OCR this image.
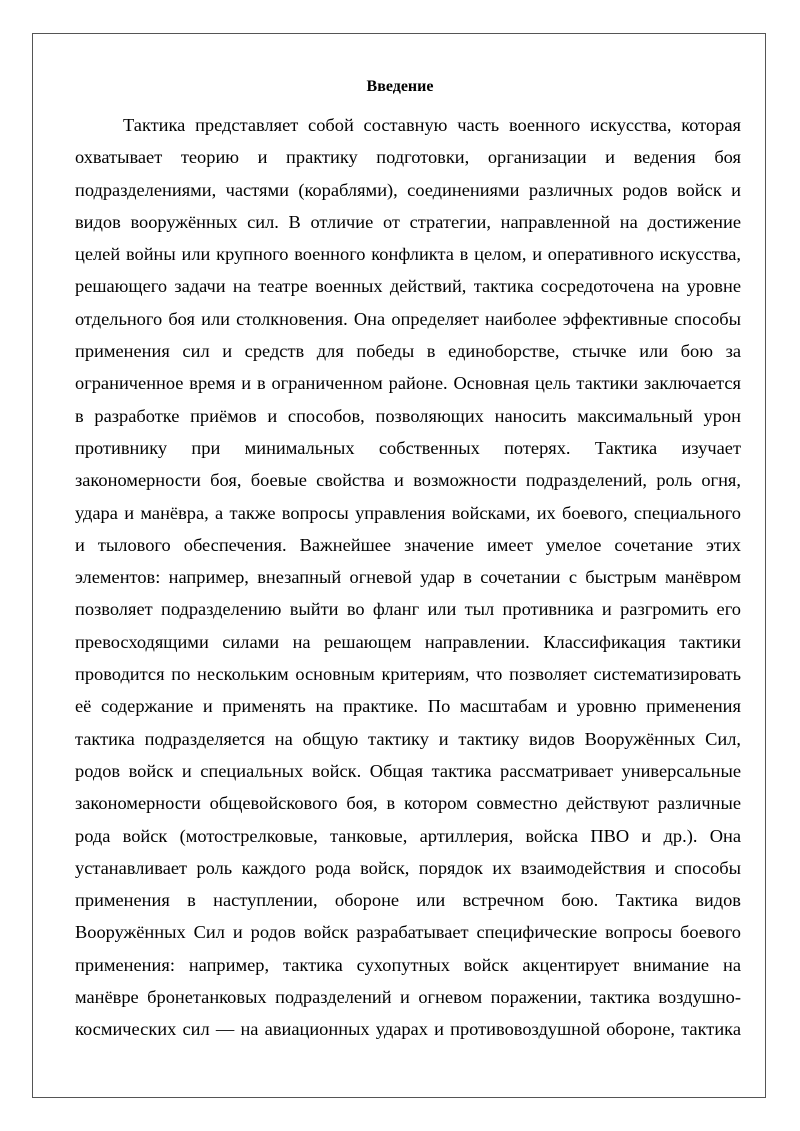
Введение
Тактика представляет собой составную часть военного искусства, которая
охватывает теорию и практику подготовки, организации и ведения боя
подразделениями, частями (кораблями), соединениями различных родов войск и
видов вооружённых сил. В отличие от стратегии, направленной на достижение
целей войны или крупного военного конфликта в целом, и оперативного искусства,
решающего задачи на театре военных действий, тактика сосредоточена на уровне
отдельного боя или столкновения. Она определяет наиболее эффективные способы
применения сил и средств для победы в единоборстве, стычке или бою за
ограниченное время и в ограниченном районе. Основная цель тактики заключается
в разработке приёмов и способов, позволяющих наносить максимальный урон
противнику при минимальных собственных потерях. Тактика изучает
закономерности боя, боевые свойства и возможности подразделений, роль огня,
удара и манёвра, а также вопросы управления войсками, их боевого, специального
и тылового обеспечения. Важнейшее значение имеет умелое сочетание этих
элементов: например, внезапный огневой удар в сочетании с быстрым манёвром
позволяет подразделению выйти во фланг или тыл противника и разгромить его
превосходящими силами на решающем направлении. Классификация тактики
проводится по нескольким основным критериям, что позволяет систематизировать
её содержание и применять на практике. По масштабам и уровню применения
тактика подразделяется на общую тактику и тактику видов Вооружённых Сил,
родов войск и специальных войск. Общая тактика рассматривает универсальные
закономерности общевойскового боя, в котором совместно действуют различные
рода войск (мотострелковые, танковые, артиллерия, войска ПВО и др.). Она
устанавливает роль каждого рода войск, порядок их взаимодействия и способы
применения в наступлении, обороне или встречном бою. Тактика видов
Вооружённых Сил и родов войск разрабатывает специфические вопросы боевого
применения: например, тактика сухопутных войск акцентирует внимание на
манёвре бронетанковых подразделений и огневом поражении, тактика воздушно-
космических сил — на авиационных ударах и противовоздушной обороне, тактика
